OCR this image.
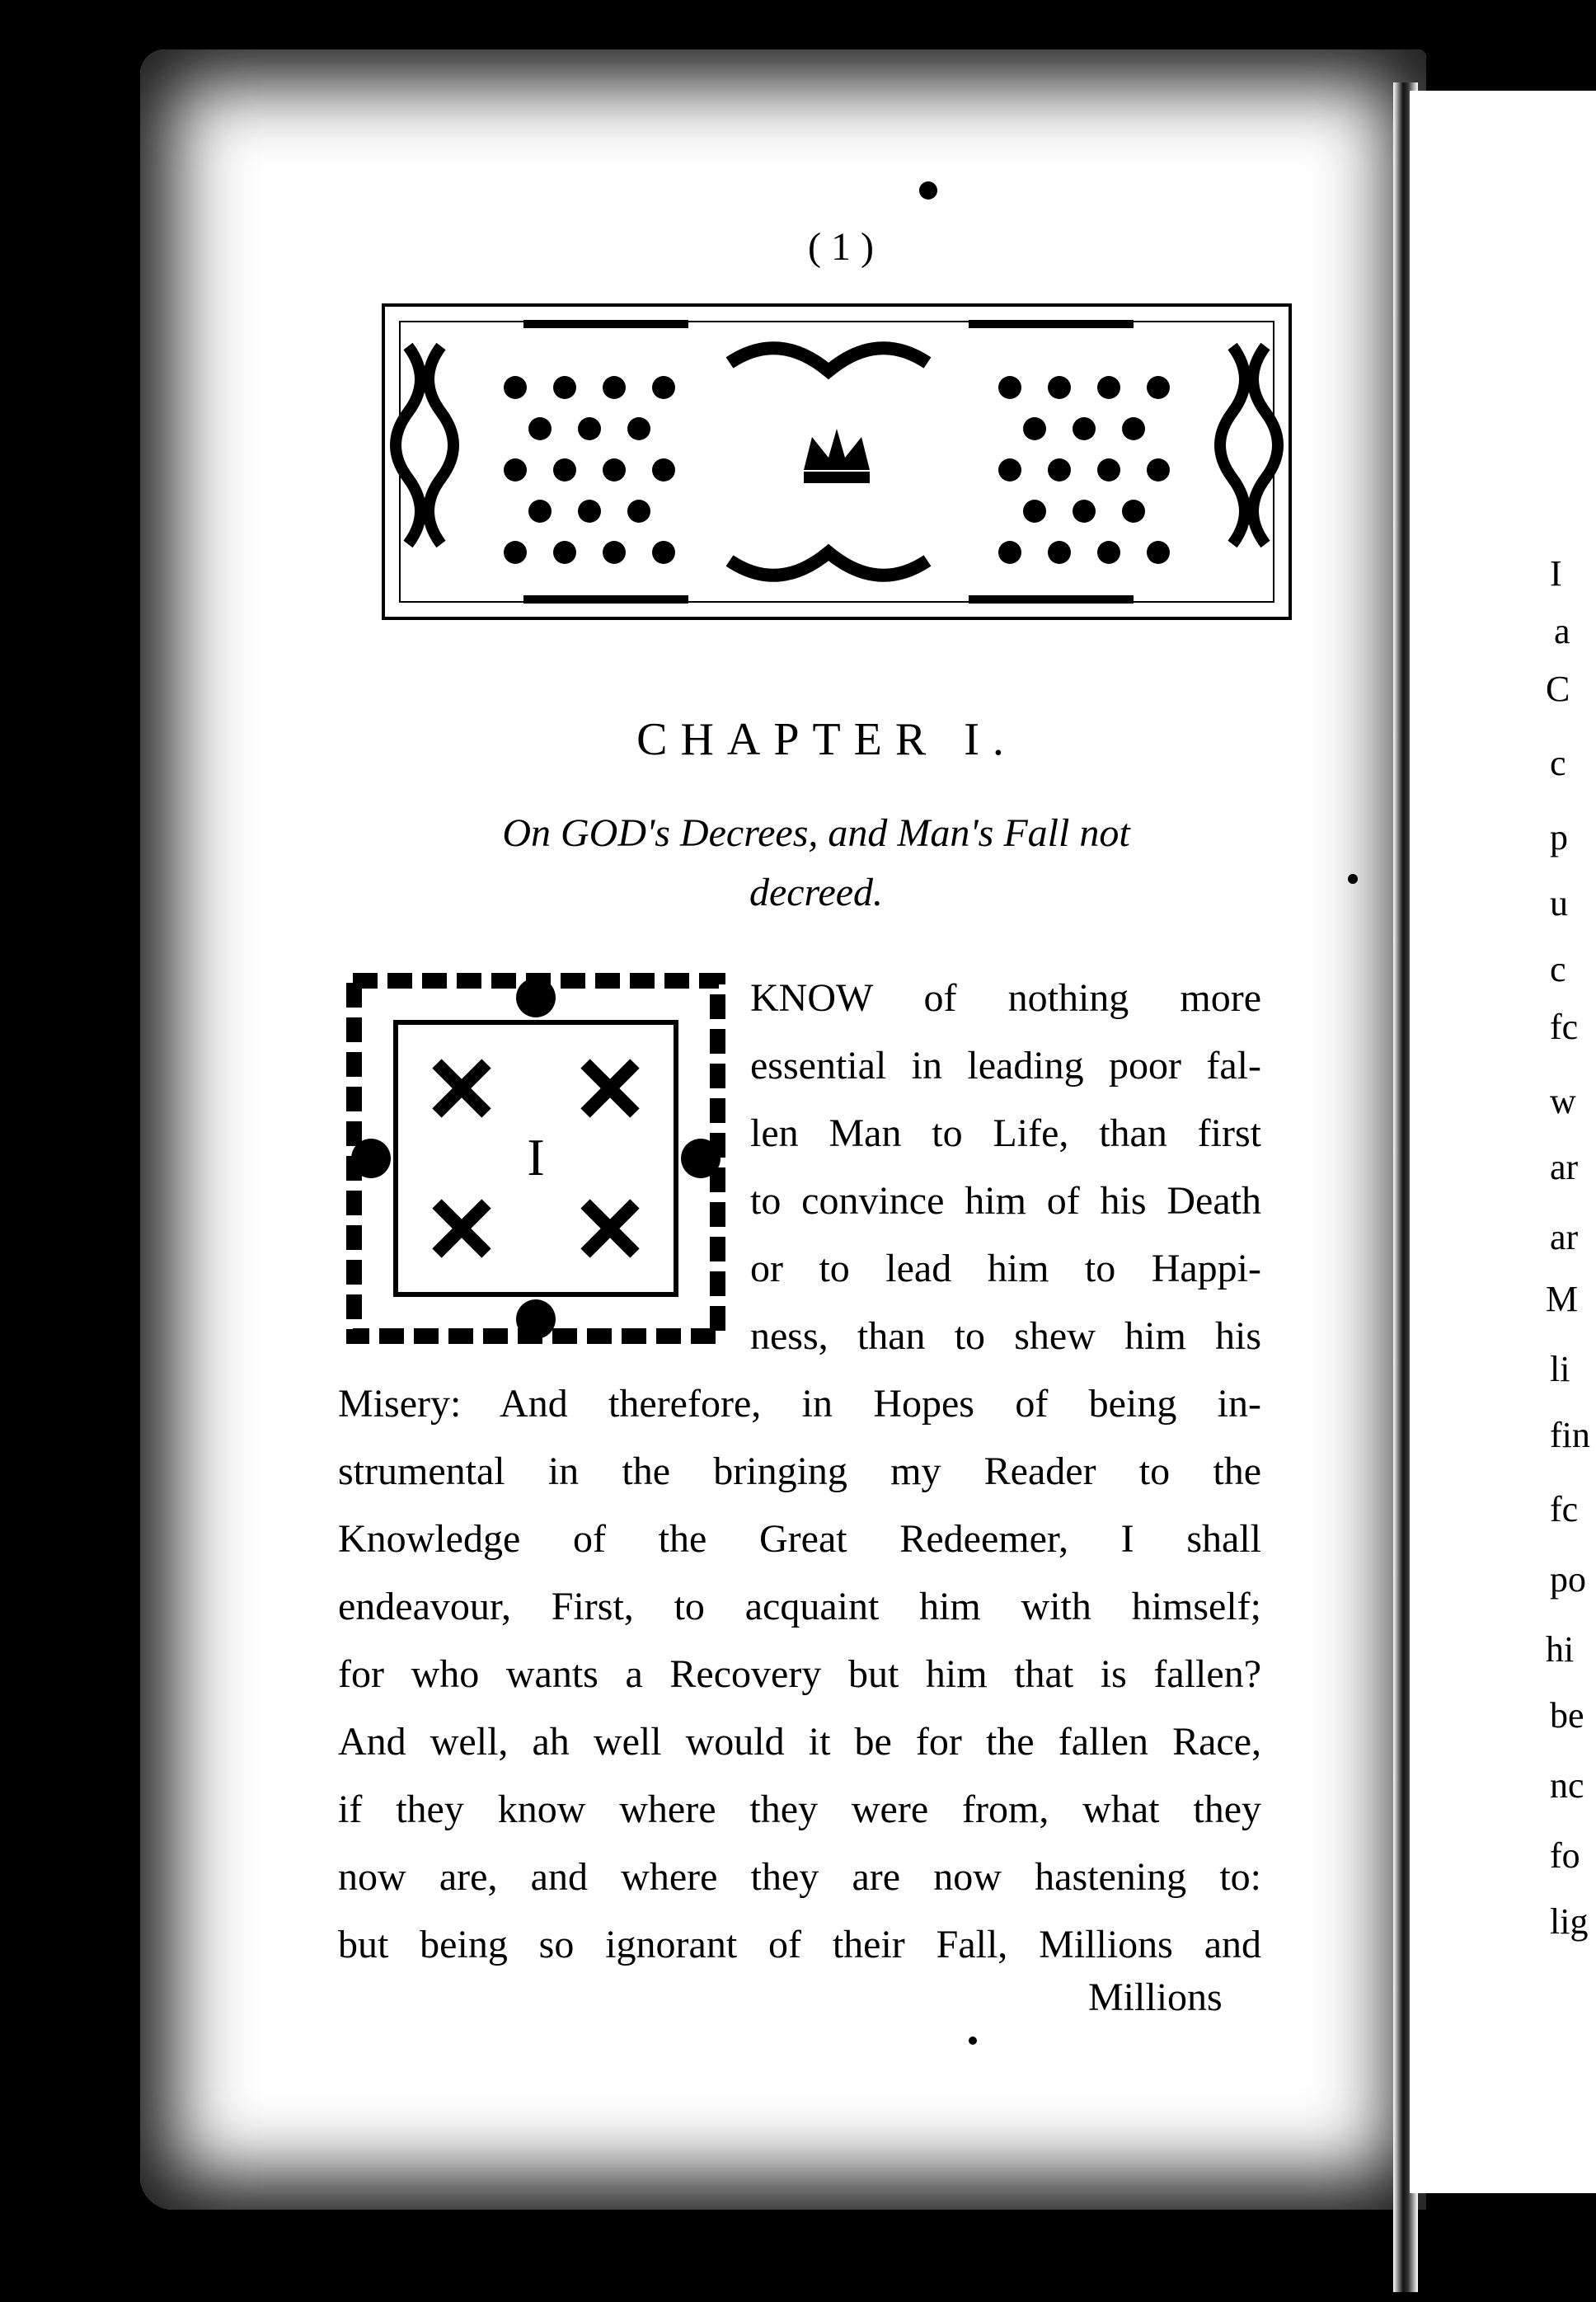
I
a
C
c
p
u
c
fc
w
ar
ar
M
li
fin
fc
po
hi
be
nc
fo
lig
( 1 )
CHAPTER I.
On GOD's Decrees, and Man's Fall not
decreed.
I
KNOW of nothing more
essential in leading poor fal-
len Man to Life, than first
to convince him of his Death
or to lead him to Happi-
ness, than to shew him his
Misery: And therefore, in Hopes of being in-
strumental in the bringing my Reader to the
Knowledge of the Great Redeemer, I shall
endeavour, First, to acquaint him with himself;
for who wants a Recovery but him that is fallen?
And well, ah well would it be for the fallen Race,
if they know where they were from, what they
now are, and where they are now hastening to:
but being so ignorant of their Fall, Millions and
Millions
